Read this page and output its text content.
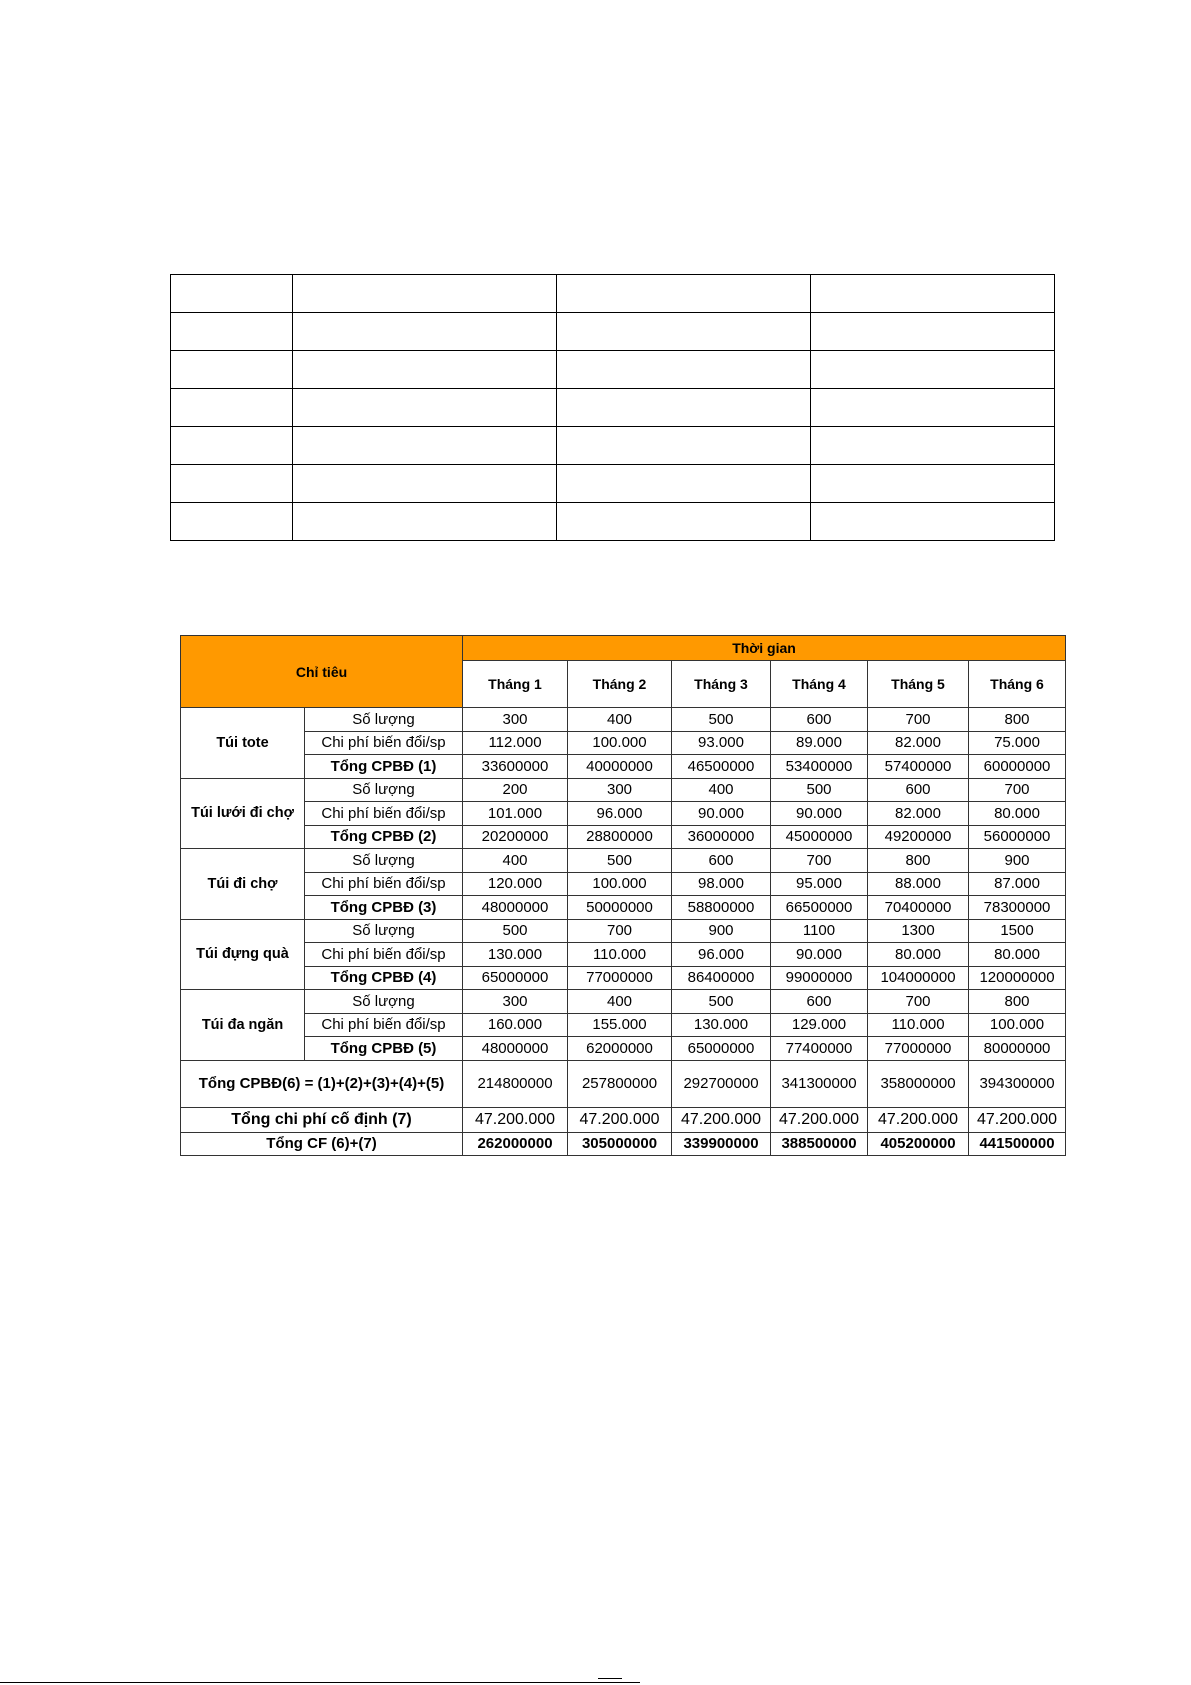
Chỉ tiêu		Thời gian					
		Tháng 1	Tháng 2	Tháng 3	Tháng 4	Tháng 5	Tháng 6
Túi tote	Số lượng	300	400	500	600	700	800
	Chi phí biến đổi/sp	112.000	100.000	93.000	89.000	82.000	75.000
	Tổng CPBĐ (1)	33600000	40000000	46500000	53400000	57400000	60000000
Túi lưới đi chợ	Số lượng	200	300	400	500	600	700
	Chi phí biến đổi/sp	101.000	96.000	90.000	90.000	82.000	80.000
	Tổng CPBĐ (2)	20200000	28800000	36000000	45000000	49200000	56000000
Túi đi chợ	Số lượng	400	500	600	700	800	900
	Chi phí biến đổi/sp	120.000	100.000	98.000	95.000	88.000	87.000
	Tổng CPBĐ (3)	48000000	50000000	58800000	66500000	70400000	78300000
Túi đựng quà	Số lượng	500	700	900	1100	1300	1500
	Chi phí biến đổi/sp	130.000	110.000	96.000	90.000	80.000	80.000
	Tổng CPBĐ (4)	65000000	77000000	86400000	99000000	104000000	120000000
Túi đa ngăn	Số lượng	300	400	500	600	700	800
	Chi phí biến đổi/sp	160.000	155.000	130.000	129.000	110.000	100.000
	Tổng CPBĐ (5)	48000000	62000000	65000000	77400000	77000000	80000000
Tổng CPBĐ(6) = (1)+(2)+(3)+(4)+(5)		214800000	257800000	292700000	341300000	358000000	394300000
Tổng chi phí cố định (7)		47.200.000	47.200.000	47.200.000	47.200.000	47.200.000	47.200.000
Tổng CF (6)+(7)		262000000	305000000	339900000	388500000	405200000	441500000
